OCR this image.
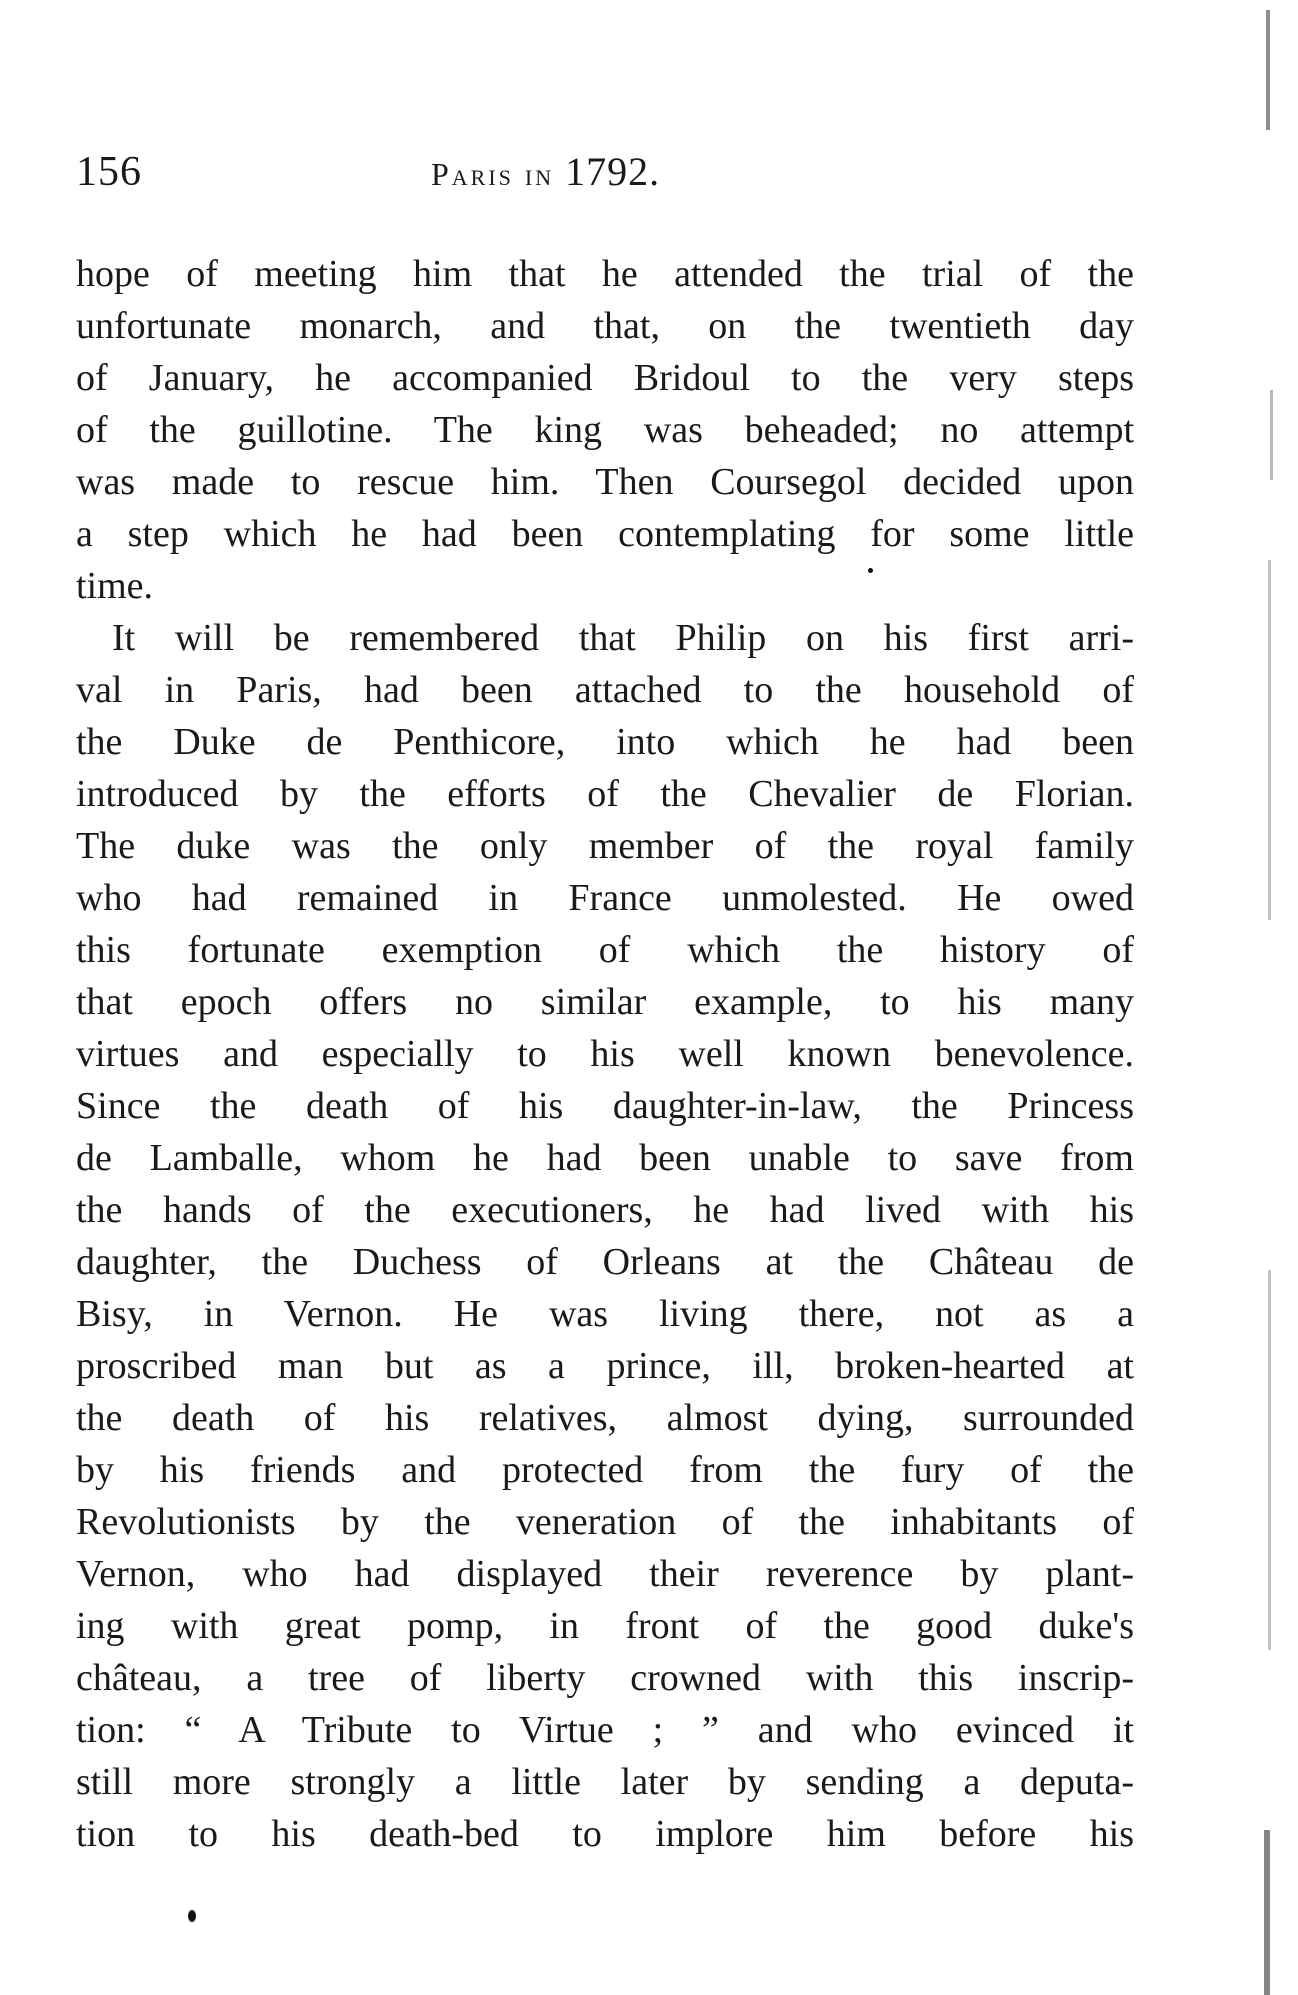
156	Paris in 1792.
hope of meeting him that he attended the trial of the
unfortunate monarch, and that, on the twentieth day
of January, he accompanied Bridoul to the very steps
of the guillotine. The king was beheaded; no attempt
was made to rescue him. Then Coursegol decided upon
a step which he had been contemplating for some little
time.
It will be remembered that Philip on his first arri-
val in Paris, had been attached to the household of
the Duke de Penthicore, into which he had been
introduced by the efforts of the Chevalier de Florian.
The duke was the only member of the royal family
who had remained in France unmolested. He owed
this fortunate exemption of which the history of
that epoch offers no similar example, to his many
virtues and especially to his well known benevolence.
Since the death of his daughter-in-law, the Princess
de Lamballe, whom he had been unable to save from
the hands of the executioners, he had lived with his
daughter, the Duchess of Orleans at the Château de
Bisy, in Vernon. He was living there, not as a
proscribed man but as a prince, ill, broken-hearted at
the death of his relatives, almost dying, surrounded
by his friends and protected from the fury of the
Revolutionists by the veneration of the inhabitants of
Vernon, who had displayed their reverence by plant-
ing with great pomp, in front of the good duke's
château, a tree of liberty crowned with this inscrip-
tion: “ A Tribute to Virtue ; ” and who evinced it
still more strongly a little later by sending a deputa-
tion to his death-bed to implore him before his
